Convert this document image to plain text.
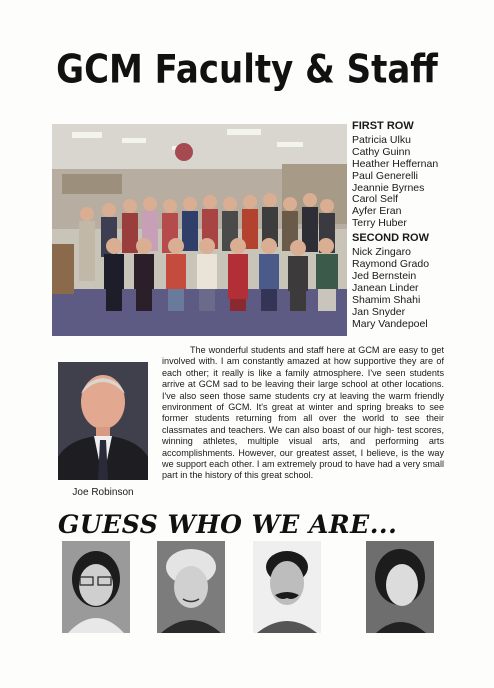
GCM Faculty & Staff
FIRST ROW
Patricia Ulku
Cathy Guinn
Heather Heffernan
Paul Generelli
Jeannie Byrnes
Carol Self
Ayfer Eran
Terry Huber
SECOND ROW
Nick Zingaro
Raymond Grado
Jed Bernstein
Janean Linder
Shamim Shahi
Jan Snyder
Mary Vandepoel
Joe Robinson
The wonderful students and staff here at GCM are easy to get involved with. I am constantly amazed at how supportive they are of each other; it really is like a family atmosphere. I've seen students arrive at GCM sad to be leaving their large school at other locations. I've also seen those same students cry at leaving the warm friendly environment of GCM. It's great at winter and spring breaks to see former students returning from all over the world to see their classmates and teachers. We can also boast of our high- test scores, winning athletes, multiple visual arts, and performing arts accomplishments. However, our greatest asset, I believe, is the way we support each other. I am extremely proud to have had a very small part in the history of this great school.
GUESS WHO WE ARE...
